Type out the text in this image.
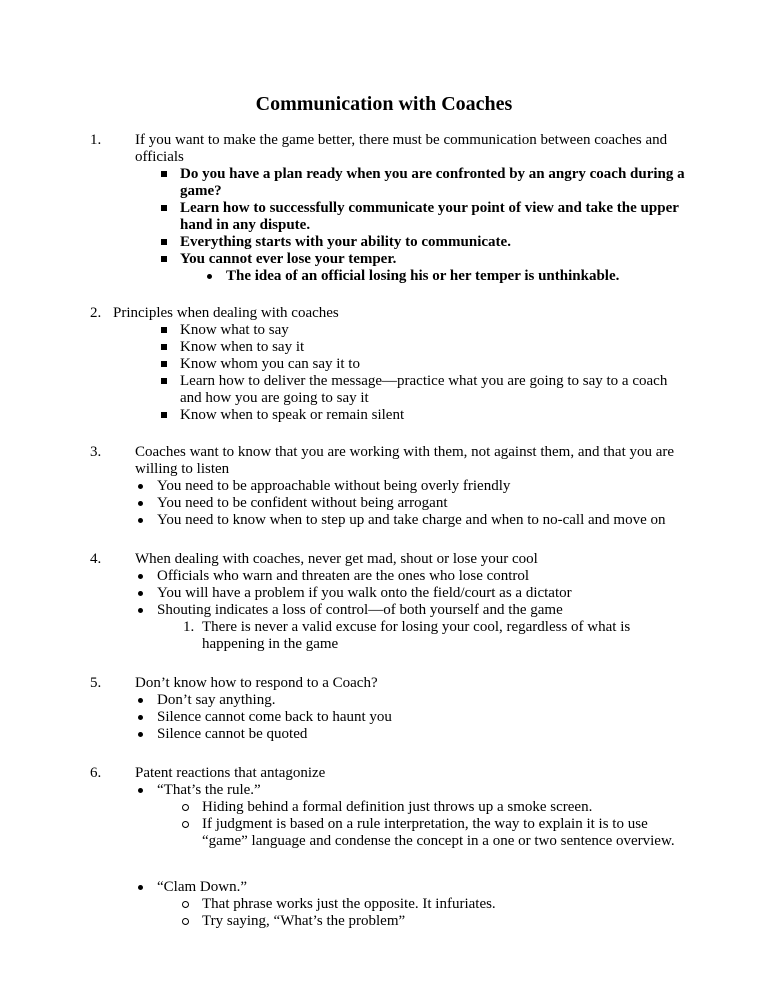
Communication with Coaches
1. If you want to make the game better, there must be communication between coaches and officials
Do you have a plan ready when you are confronted by an angry coach during a game?
Learn how to successfully communicate your point of view and take the upper hand in any dispute.
Everything starts with your ability to communicate.
You cannot ever lose your temper.
The idea of an official losing his or her temper is unthinkable.
2. Principles when dealing with coaches
Know what to say
Know when to say it
Know whom you can say it to
Learn how to deliver the message—practice what you are going to say to a coach and how you are going to say it
Know when to speak or remain silent
3. Coaches want to know that you are working with them, not against them, and that you are willing to listen
You need to be approachable without being overly friendly
You need to be confident without being arrogant
You need to know when to step up and take charge and when to no-call and move on
4. When dealing with coaches, never get mad, shout or lose your cool
Officials who warn and threaten are the ones who lose control
You will have a problem if you walk onto the field/court as a dictator
Shouting indicates a loss of control—of both yourself and the game
1. There is never a valid excuse for losing your cool, regardless of what is happening in the game
5. Don’t know how to respond to a Coach?
Don’t say anything.
Silence cannot come back to haunt you
Silence cannot be quoted
6. Patent reactions that antagonize
“That’s the rule.”
Hiding behind a formal definition just throws up a smoke screen.
If judgment is based on a rule interpretation, the way to explain it is to use “game” language and condense the concept in a one or two sentence overview.
“Clam Down.”
That phrase works just the opposite. It infuriates.
Try saying, “What’s the problem”
